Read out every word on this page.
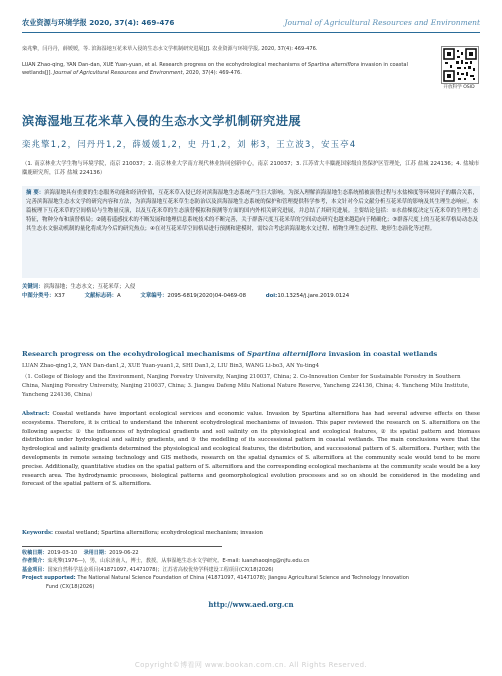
农业资源与环境学报 2020, 37(4): 469-476	Journal of Agricultural Resources and Environment
栾兆擎，闫丹丹，薛媛媛，等. 滨海湿地互花米草入侵的生态水文学机制研究进展[J]. 农业资源与环境学报, 2020, 37(4): 469-476.
LUAN Zhao-qing, YAN Dan-dan, XUE Yuan-yuan, et al. Research progress on the ecohydrological mechanisms of Spartina alterniflora invasion in coastal wetlands[J]. Journal of Agricultural Resources and Environment, 2020, 37(4): 469-476.
开放科学 OSID
滨海湿地互花米草入侵的生态水文学机制研究进展
栾兆擎1,2，闫丹丹1,2，薛媛媛1,2，史 丹1,2，刘 彬3，王立波3，安玉亭4
（1. 南京林业大学生物与环境学院，南京 210037；2. 南京林业大学南方现代林业协同创新中心，南京 210037；3. 江苏省大丰麋鹿国家级自然保护区管理处，江苏 盐城 224136；4. 盐城市麋鹿研究所，江苏 盐城 224136）
摘 要：滨海湿地具有重要的生态服务功能和经济价值，互花米草入侵已经对滨海湿地生态系统产生巨大影响。为深入理解滨海湿地生态系统植被演替过程与水盐梯度等环境因子的耦合关系，完善滨海湿地生态水文学的研究内容和方法，为滨海湿地互花米草生态防治以及滨海湿地生态系统的保护和管理提供科学参考，本文针对今后文献分析互花米草的影响及其生理生态响应，本篇梳理下互花米草的空间格局与生物量反演，以及互花米草的生态演替模拟和预测等方面的国内外相关研究进展，并总结了其研究进展。主要结论包括：①水盐梯度决定互花米草的生理生态特征，物种分布和演替格局；②随着遥感技术的不断发展和地理信息系统技术的不断完善，关于群落尺度互花米草的空间动态研究也越来越趋向于精确化；③群落尺度上的互花米草格局动态及其生态水文驱动机制的量化将成为今后的研究热点；④在对互花米草空间格局进行预测和建模时，需综合考虑滨海湿地水文过程、植物生理生态过程、地形生态演化等过程。
关键词：滨海湿地；生态水文；互花米草；入侵
中图分类号：X37	文献标志码：A	文章编号：2095-6819(2020)04-0469-08	doi:10.13254/j.jare.2019.0124
Research progress on the ecohydrological mechanisms of Spartina alterniflora invasion in coastal wetlands
LUAN Zhao-qing1,2, YAN Dan-dan1,2, XUE Yuan-yuan1,2, SHI Dan1,2, LIU Bin3, WANG Li-bo3, AN Yu-ting4
（1. College of Biology and the Environment, Nanjing Forestry University, Nanjing 210037, China; 2. Co-Innovation Center for Sustainable Forestry in Southern China, Nanjing Forestry University, Nanjing 210037, China; 3. Jiangsu Dafeng Milu National Nature Reserve, Yancheng 224136, China; 4. Yancheng Milu Institute, Yancheng 224136, China）
Abstract: Coastal wetlands have important ecological services and economic value. Invasion by Spartina alterniflora has had several adverse effects on these ecosystems. Therefore, it is critical to understand the inherent ecohydrological mechanisms of invasion. This paper reviewed the research on S. alterniflora on the following aspects: ① the influences of hydrological gradients and soil salinity on its physiological and ecological features, ② its spatial pattern and biomass distribution under hydrological and salinity gradients, and ③ the modelling of its successional pattern in coastal wetlands. The main conclusions were that the hydrological and salinity gradients determined the physiological and ecological features, the distribution, and successional pattern of S. alterniflora. Further, with the developments in remote sensing technology and GIS methods, research on the spatial dynamics of S. alterniflora at the community scale would tend to be more precise. Additionally, quantitative studies on the spatial pattern of S. alterniflora and the corresponding ecological mechanisms at the community scale would be a key research area. The hydrodynamic processes, biological patterns and geomorphological evolution processes and so on should be considered in the modeling and forecast of the spatial pattern of S. alterniflora.
Keywords: coastal wetland; Spartina alterniflora; ecohydrological mechanism; invasion
收稿日期：2019-03-10 录用日期：2019-06-22
作者简介：栾兆擎(1976—)，男，山东济南人，博士，教授，从事湿地生态水文学研究。E-mail: luanzhaoqing@njfu.edu.cn
基金项目：国家自然科学基金项目(41871097, 41471078)；江苏省高校优势学科建设工程项目(CX(18)2026)
Project supported: The National Natural Science Foundation of China (41871097, 41471078); Jiangsu Agricultural Science and Technology Innovation
Fund (CX(18)2026)
http://www.aed.org.cn
Copyright©博看网 www.bookan.com.cn. All Rights Reserved.
